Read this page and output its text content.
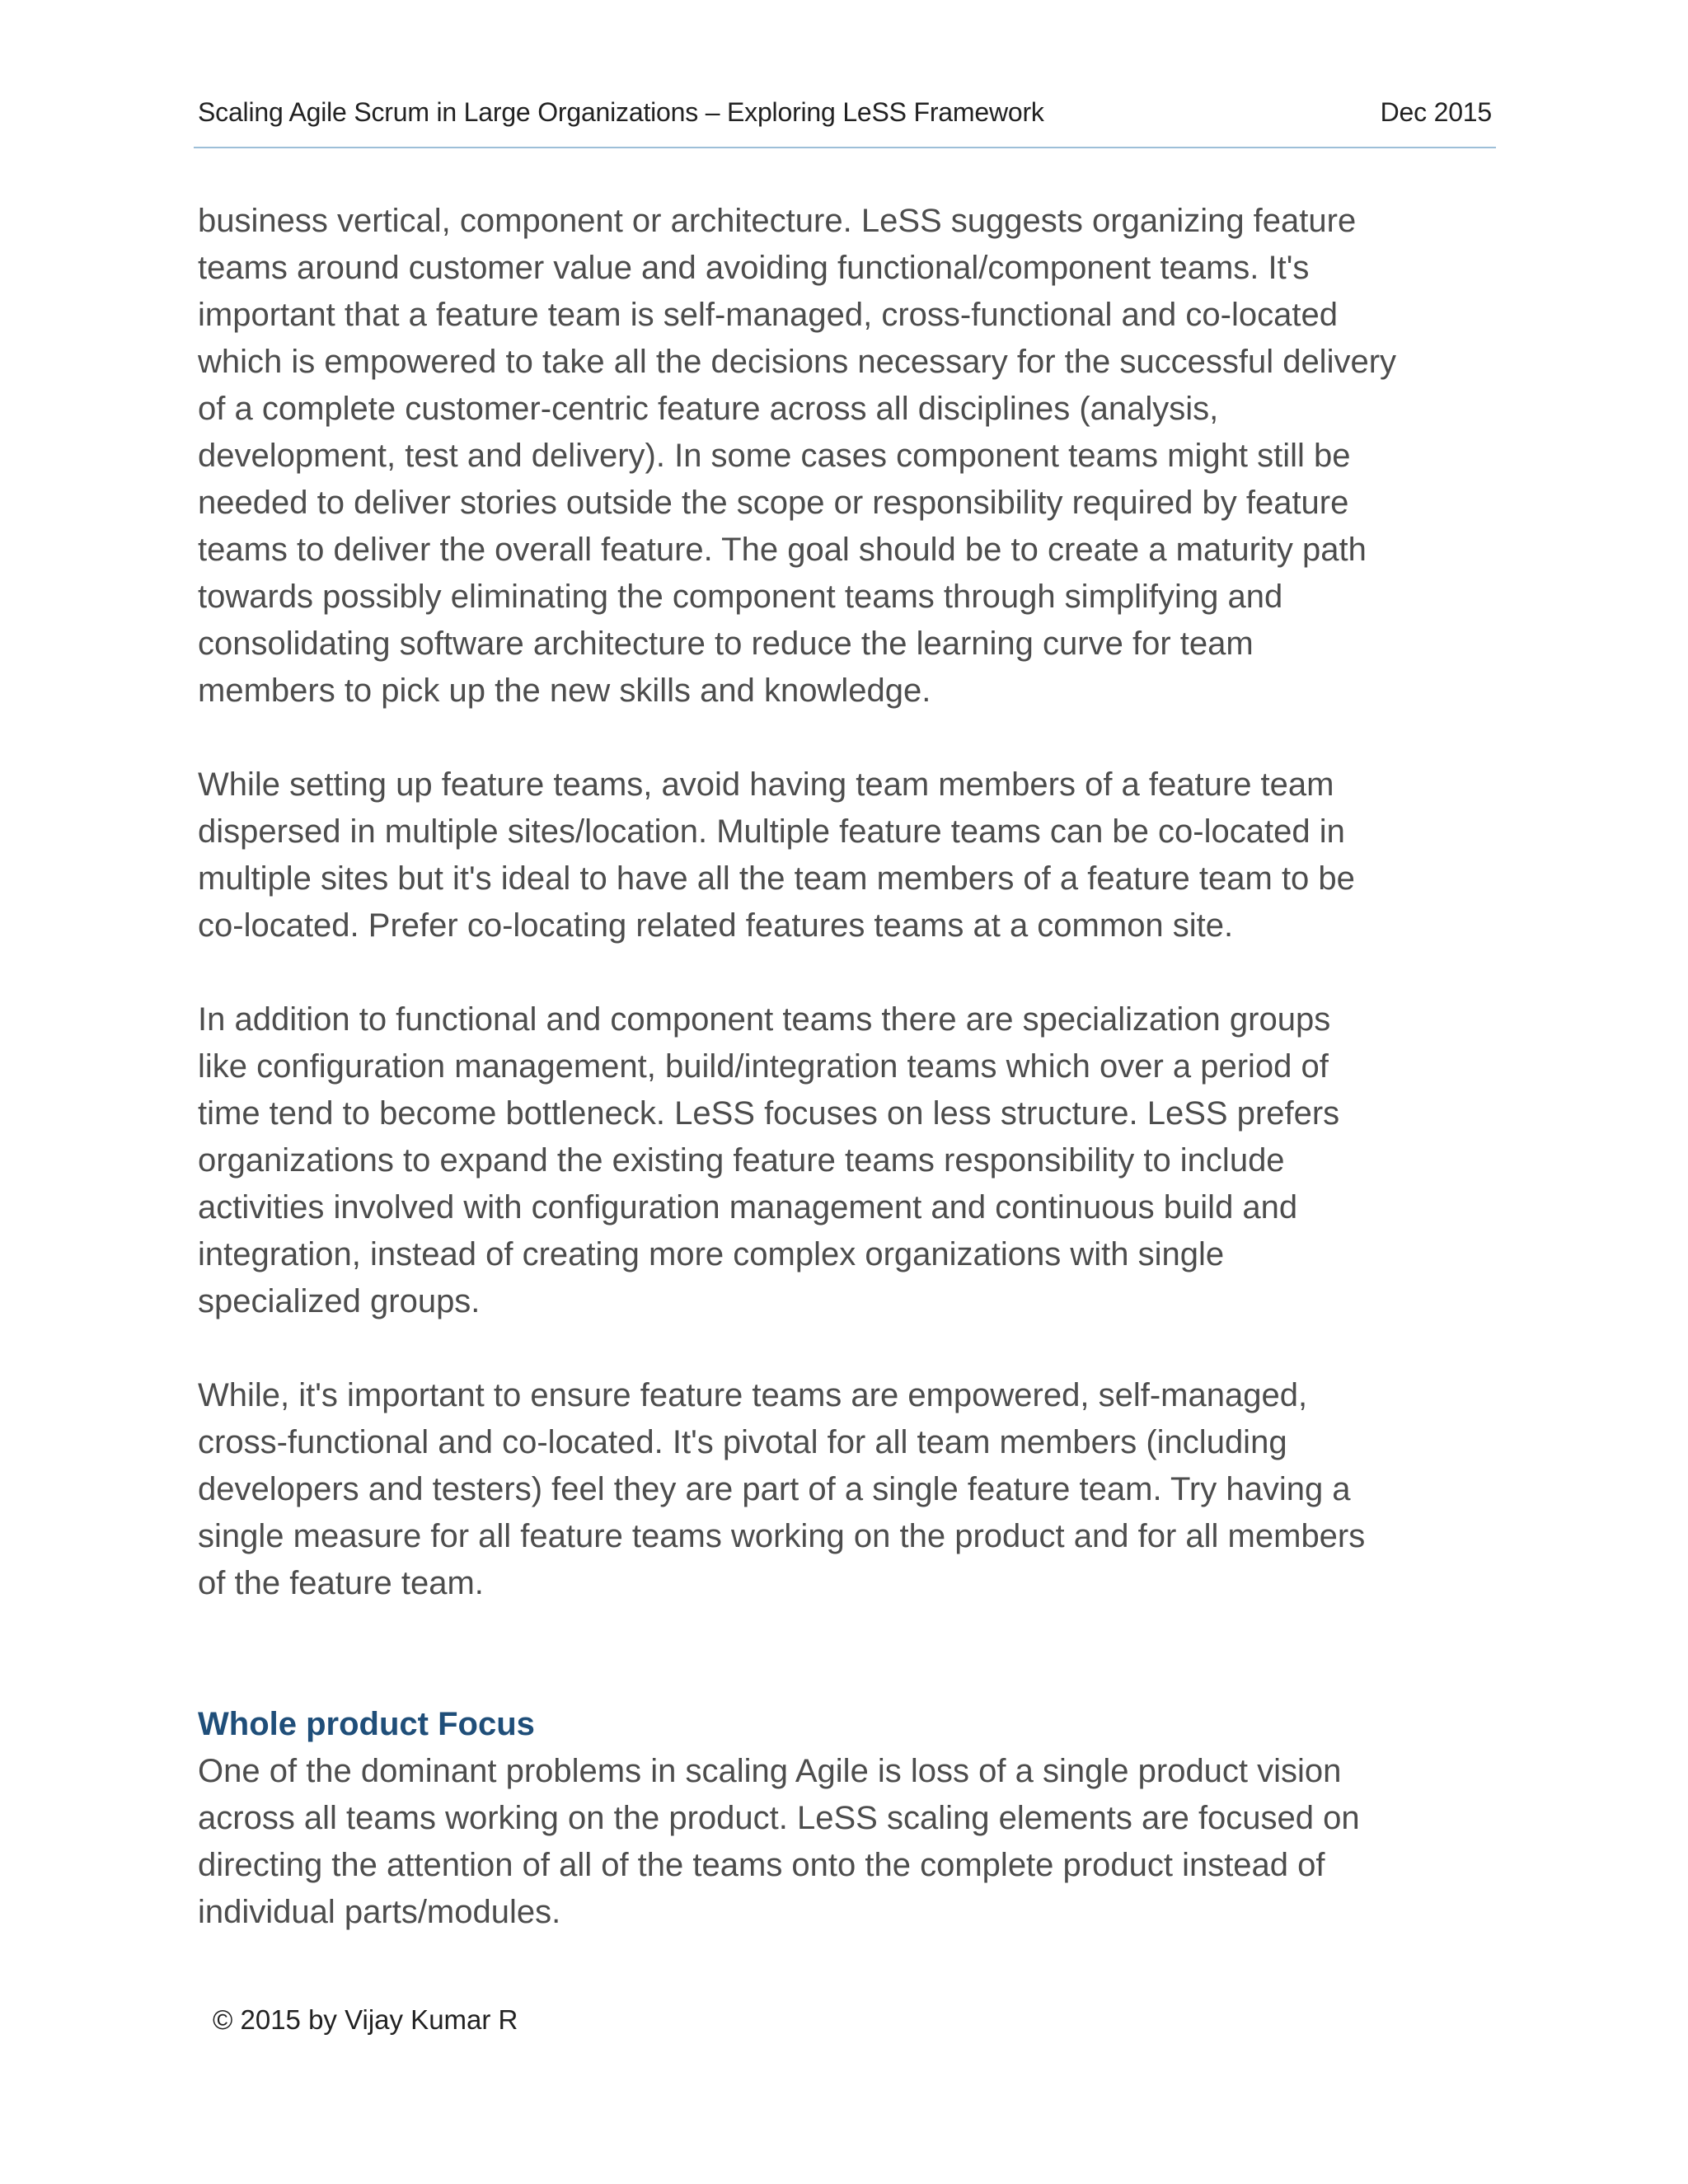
Scaling Agile Scrum in Large Organizations – Exploring LeSS Framework	Dec 2015

business vertical, component or architecture. LeSS suggests organizing feature
teams around customer value and avoiding functional/component teams. It's
important that a feature team is self-managed, cross-functional and co-located
which is empowered to take all the decisions necessary for the successful delivery
of a complete customer-centric feature across all disciplines (analysis,
development, test and delivery). In some cases component teams might still be
needed to deliver stories outside the scope or responsibility required by feature
teams to deliver the overall feature. The goal should be to create a maturity path
towards possibly eliminating the component teams through simplifying and
consolidating software architecture to reduce the learning curve for team
members to pick up the new skills and knowledge.

While setting up feature teams, avoid having team members of a feature team
dispersed in multiple sites/location. Multiple feature teams can be co-located in
multiple sites but it's ideal to have all the team members of a feature team to be
co-located. Prefer co-locating related features teams at a common site.

In addition to functional and component teams there are specialization groups
like configuration management, build/integration teams which over a period of
time tend to become bottleneck. LeSS focuses on less structure. LeSS prefers
organizations to expand the existing feature teams responsibility to include
activities involved with configuration management and continuous build and
integration, instead of creating more complex organizations with single
specialized groups.

While, it's important to ensure feature teams are empowered, self-managed,
cross-functional and co-located. It's pivotal for all team members (including
developers and testers) feel they are part of a single feature team. Try having a
single measure for all feature teams working on the product and for all members
of the feature team.

Whole product Focus

One of the dominant problems in scaling Agile is loss of a single product vision
across all teams working on the product. LeSS scaling elements are focused on
directing the attention of all of the teams onto the complete product instead of
individual parts/modules.

© 2015 by Vijay Kumar R
